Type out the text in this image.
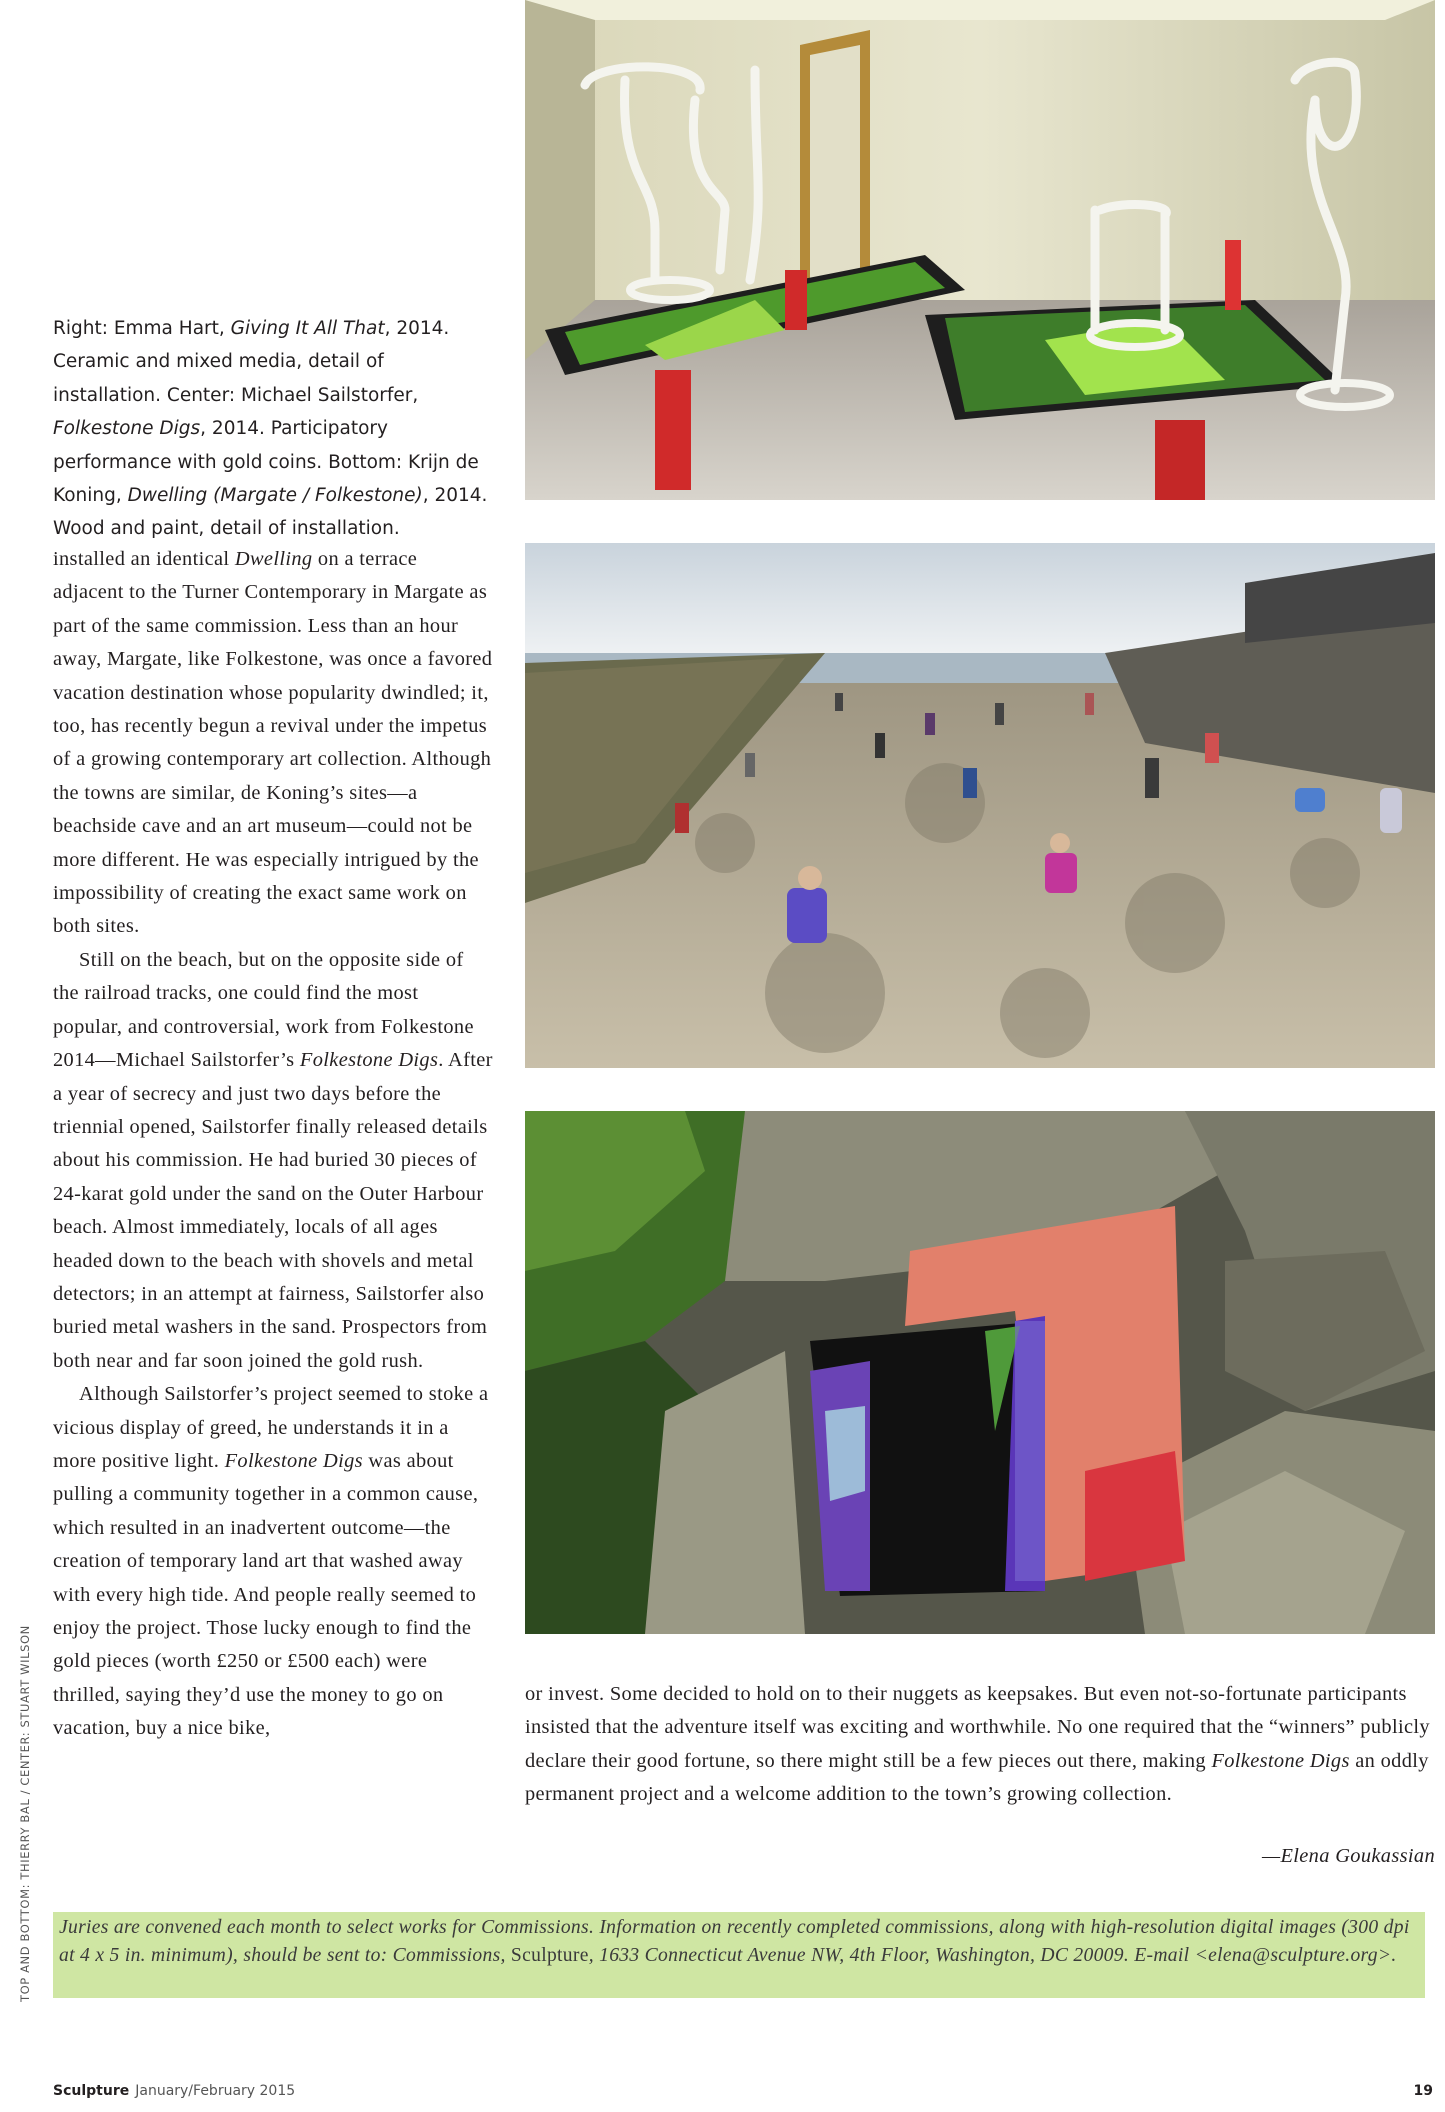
Right: Emma Hart, Giving It All That, 2014. Ceramic and mixed media, detail of installation. Center: Michael Sailstorfer, Folkestone Digs, 2014. Participatory performance with gold coins. Bottom: Krijn de Koning, Dwelling (Margate / Folkestone), 2014. Wood and paint, detail of installation.

installed an identical Dwelling on a terrace adjacent to the Turner Contemporary in Margate as part of the same commission. Less than an hour away, Margate, like Folkestone, was once a favored vacation destination whose popularity dwindled; it, too, has recently begun a revival under the impetus of a growing contemporary art collection. Although the towns are similar, de Koning’s sites—a beachside cave and an art museum—could not be more different. He was especially intrigued by the impossibility of creating the exact same work on both sites.

Still on the beach, but on the opposite side of the railroad tracks, one could find the most popular, and controversial, work from Folkestone 2014—Michael Sailstorfer’s Folkestone Digs. After a year of secrecy and just two days before the triennial opened, Sailstorfer finally released details about his commission. He had buried 30 pieces of 24-karat gold under the sand on the Outer Harbour beach. Almost immediately, locals of all ages headed down to the beach with shovels and metal detectors; in an attempt at fairness, Sailstorfer also buried metal washers in the sand. Prospectors from both near and far soon joined the gold rush.

Although Sailstorfer’s project seemed to stoke a vicious display of greed, he understands it in a more positive light. Folkestone Digs was about pulling a community together in a common cause, which resulted in an inadvertent outcome—the creation of temporary land art that washed away with every high tide. And people really seemed to enjoy the project. Those lucky enough to find the gold pieces (worth £250 or £500 each) were thrilled, saying they’d use the money to go on vacation, buy a nice bike,

or invest. Some decided to hold on to their nuggets as keepsakes. But even not-so-fortunate participants insisted that the adventure itself was exciting and worthwhile. No one required that the “winners” publicly declare their good fortune, so there might still be a few pieces out there, making Folkestone Digs an oddly permanent project and a welcome addition to the town’s growing collection.

—Elena Goukassian
Juries are convened each month to select works for Commissions. Information on recently completed commissions, along with high-resolution digital images (300 dpi at 4 x 5 in. minimum), should be sent to: Commissions, Sculpture, 1633 Connecticut Avenue NW, 4th Floor, Washington, DC 20009. E-mail <elena@sculpture.org>.
TOP AND BOTTOM: THIERRY BAL / CENTER: STUART WILSON
Sculpture January/February 2015	19
